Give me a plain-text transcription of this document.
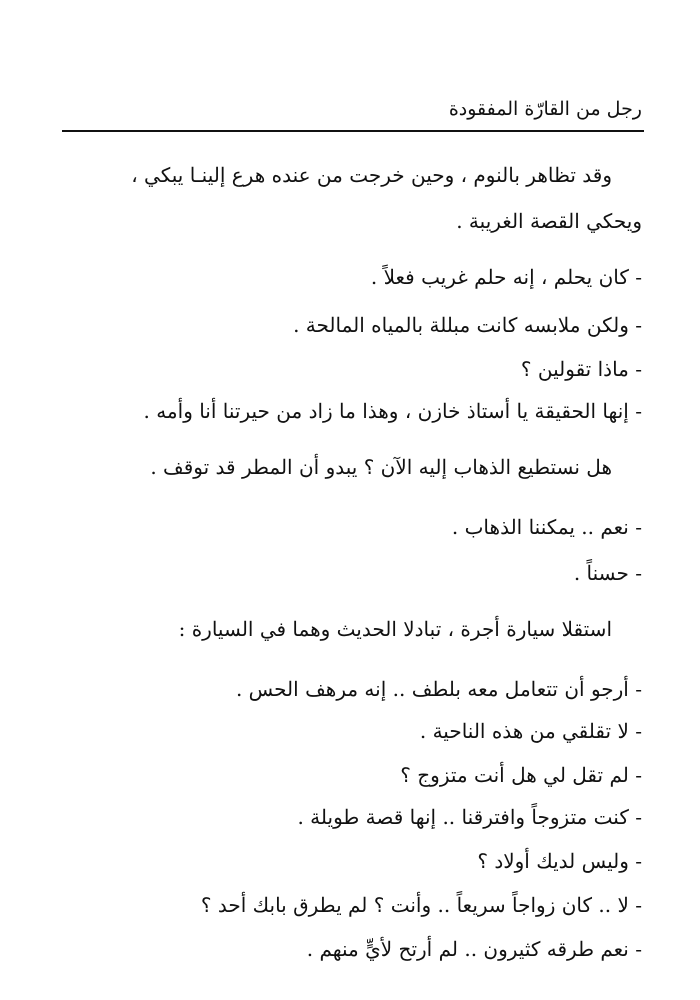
رجل من القارّة المفقودة
وقد تظاهر بالنوم ، وحين خرجت من عنده هرع إلينـا يبكي ،
ويحكي القصة الغريبة .
- كان يحلم ، إنه حلم غريب فعلاً .
- ولكن ملابسه كانت مبللة بالمياه المالحة .
- ماذا تقولين ؟
- إنها الحقيقة يا أستاذ خازن ، وهذا ما زاد من حيرتنا أنا وأمه .
هل نستطيع الذهاب إليه الآن ؟ يبدو أن المطر قد توقف .
- نعم .. يمكننا الذهاب .
- حسناً .
استقلا سيارة أجرة ، تبادلا الحديث وهما في السيارة :
- أرجو أن تتعامل معه بلطف .. إنه مرهف الحس .
- لا تقلقي من هذه الناحية .
- لم تقل لي هل أنت متزوج ؟
- كنت متزوجاً وافترقنا .. إنها قصة طويلة .
- وليس لديك أولاد ؟
- لا .. كان زواجاً سريعاً .. وأنت ؟ لم يطرق بابك أحد ؟
- نعم طرقه كثيرون .. لم أرتح لأيٍّ منهم .
